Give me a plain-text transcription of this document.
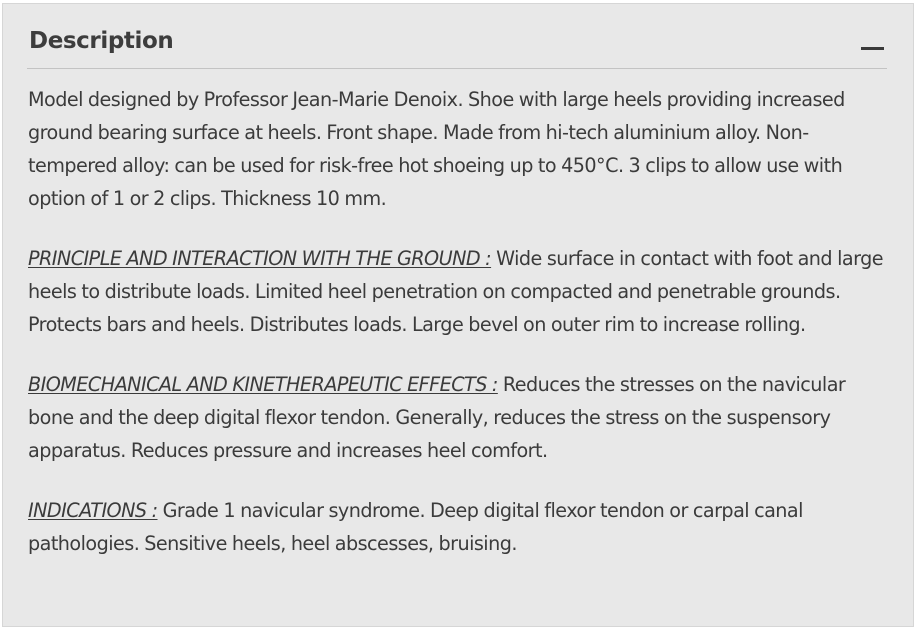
Description

Model designed by Professor Jean-Marie Denoix. Shoe with large heels providing increased ground bearing surface at heels. Front shape. Made from hi-tech aluminium alloy. Non-tempered alloy: can be used for risk-free hot shoeing up to 450°C. 3 clips to allow use with option of 1 or 2 clips. Thickness 10 mm.

PRINCIPLE AND INTERACTION WITH THE GROUND : Wide surface in contact with foot and large heels to distribute loads. Limited heel penetration on compacted and penetrable grounds. Protects bars and heels. Distributes loads. Large bevel on outer rim to increase rolling.

BIOMECHANICAL AND KINETHERAPEUTIC EFFECTS : Reduces the stresses on the navicular bone and the deep digital flexor tendon. Generally, reduces the stress on the suspensory apparatus. Reduces pressure and increases heel comfort.

INDICATIONS : Grade 1 navicular syndrome. Deep digital flexor tendon or carpal canal pathologies. Sensitive heels, heel abscesses, bruising.
